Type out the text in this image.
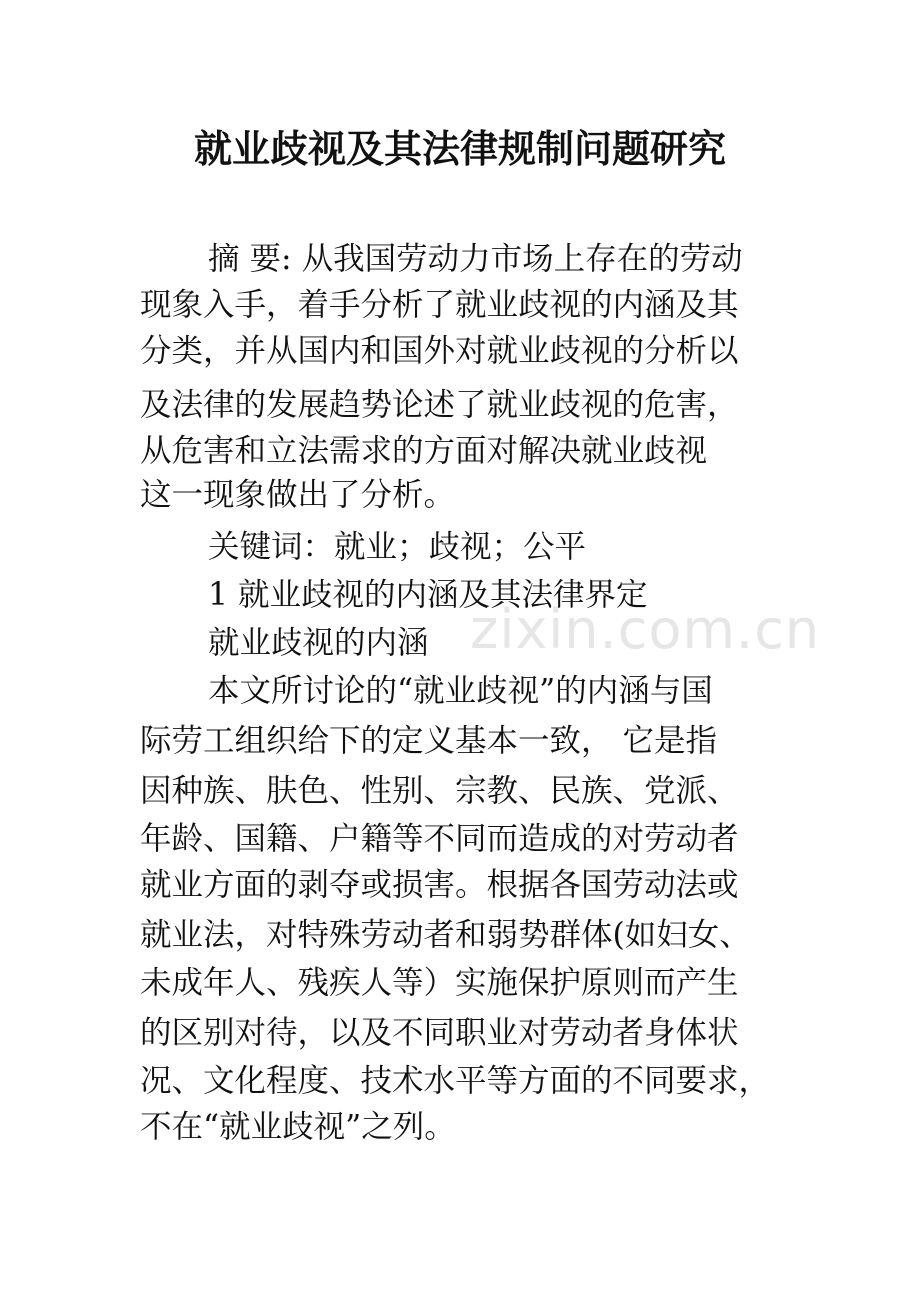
zixin.com.cn
就业歧视及其法律规制问题研究

摘 要: 从我国劳动力市场上存在的劳动

现象入手，着手分析了就业歧视的内涵及其

分类，并从国内和国外对就业歧视的分析以

及法律的发展趋势论述了就业歧视的危害，

从危害和立法需求的方面对解决就业歧视

这一现象做出了分析。

关键词：就业；歧视；公平

1 就业歧视的内涵及其法律界定

就业歧视的内涵

本文所讨论的“就业歧视”的内涵与国

际劳工组织给下的定义基本一致， 它是指

因种族、肤色、性别、宗教、民族、党派、

年龄、国籍、户籍等不同而造成的对劳动者

就业方面的剥夺或损害。根据各国劳动法或

就业法，对特殊劳动者和弱势群体(如妇女、

未成年人、残疾人等）实施保护原则而产生

的区别对待，以及不同职业对劳动者身体状

况、文化程度、技术水平等方面的不同要求，

不在“就业歧视”之列。
